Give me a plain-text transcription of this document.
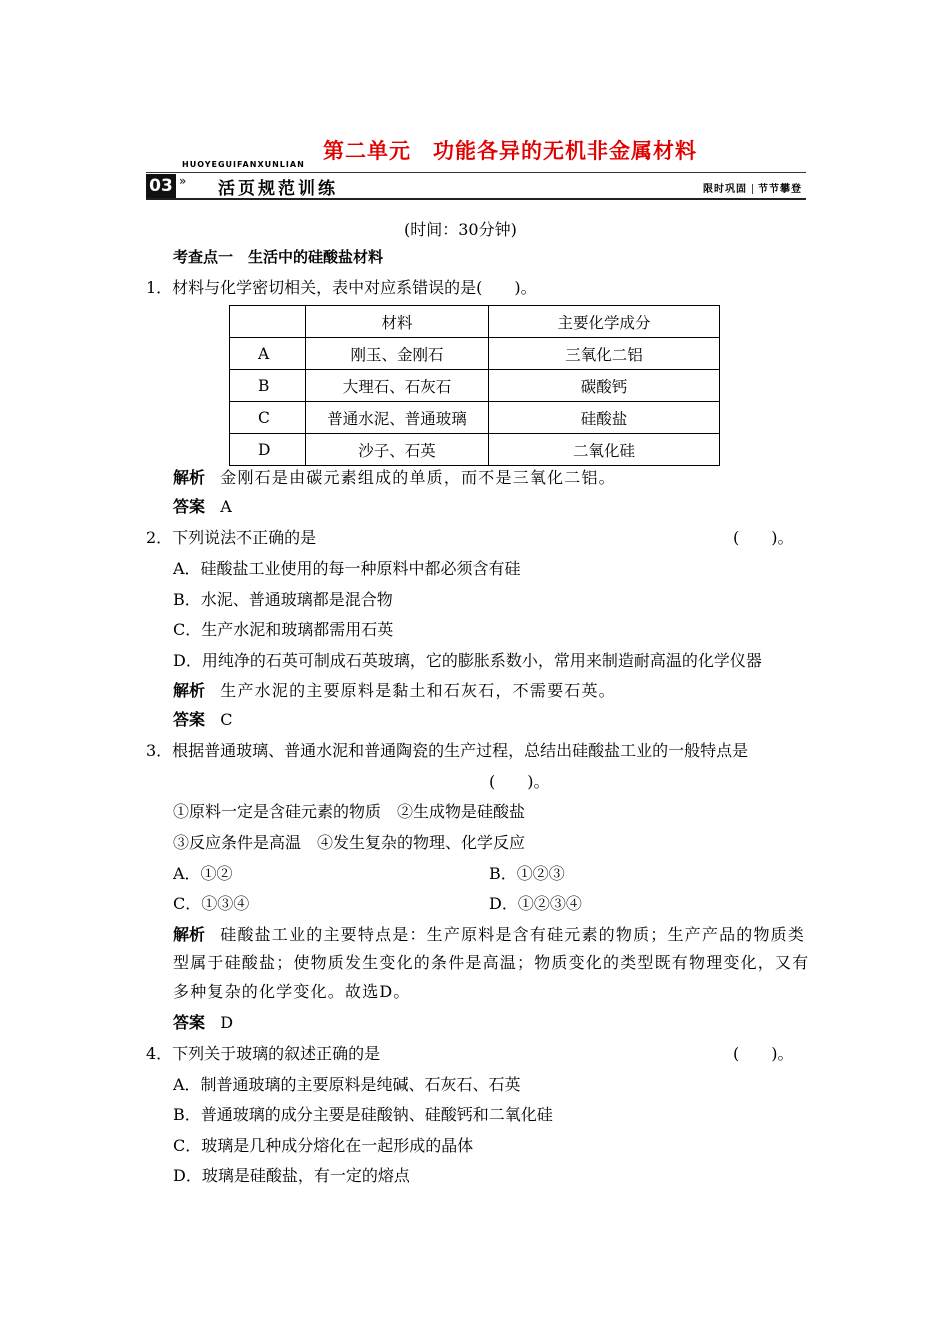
第二单元　功能各异的无机非金属材料
HUOYEGUIFANXUNLIAN
03 » 活页规范训练	限时巩固 节节攀登
(时间：30分钟)
考查点一　生活中的硅酸盐材料
1．材料与化学密切相关，表中对应系错误的是(　　)。
	材料	主要化学成分
A	刚玉、金刚石	三氧化二铝
B	大理石、石灰石	碳酸钙
C	普通水泥、普通玻璃	硅酸盐
D	沙子、石英	二氧化硅
解析 金刚石是由碳元素组成的单质，而不是三氧化二铝。
答案 A
2．下列说法不正确的是	(　　)。
A．硅酸盐工业使用的每一种原料中都必须含有硅
B．水泥、普通玻璃都是混合物
C．生产水泥和玻璃都需用石英
D．用纯净的石英可制成石英玻璃，它的膨胀系数小，常用来制造耐高温的化学仪器
解析 生产水泥的主要原料是黏土和石灰石，不需要石英。
答案 C
3．根据普通玻璃、普通水泥和普通陶瓷的生产过程，总结出硅酸盐工业的一般特点是
(　　)。
①原料一定是含硅元素的物质　②生成物是硅酸盐
③反应条件是高温　④发生复杂的物理、化学反应
A．①②	B．①②③
C．①③④	D．①②③④
解析 硅酸盐工业的主要特点是：生产原料是含有硅元素的物质；生产产品的物质类
型属于硅酸盐；使物质发生变化的条件是高温；物质变化的类型既有物理变化，又有
多种复杂的化学变化。故选D。
答案 D
4．下列关于玻璃的叙述正确的是	(　　)。
A．制普通玻璃的主要原料是纯碱、石灰石、石英
B．普通玻璃的成分主要是硅酸钠、硅酸钙和二氧化硅
C．玻璃是几种成分熔化在一起形成的晶体
D．玻璃是硅酸盐，有一定的熔点
